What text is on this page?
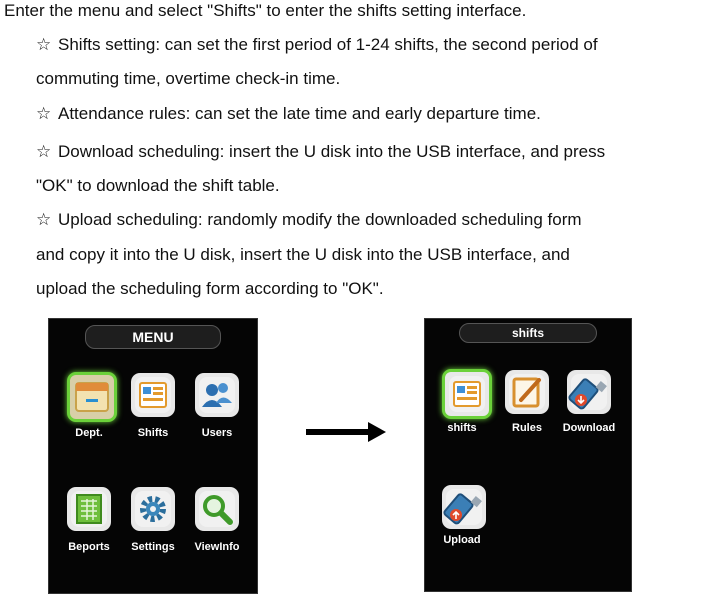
Enter the menu and select "Shifts" to enter the shifts setting interface.
☆ Shifts setting: can set the first period of 1-24 shifts, the second period of
commuting time, overtime check-in time.
☆ Attendance rules: can set the late time and early departure time.
☆ Download scheduling: insert the U disk into the USB interface, and press
"OK" to download the shift table.
☆ Upload scheduling: randomly modify the downloaded scheduling form
and copy it into the U disk, insert the U disk into the USB interface, and
upload the scheduling form according to "OK".
MENU
Dept.	Shifts	Users
Beports	Settings	ViewInfo
shifts
shifts	Rules	Download
Upload
